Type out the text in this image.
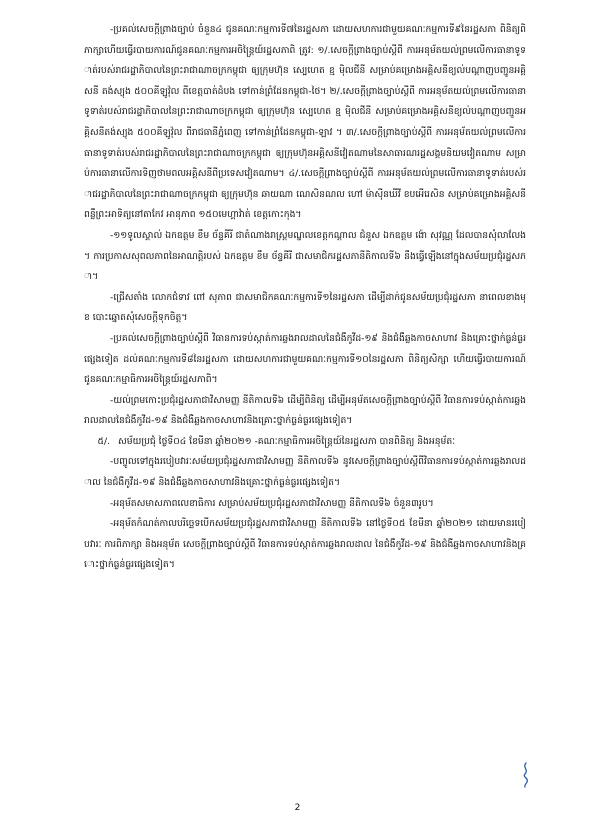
-ប្រគល់សេចក្តីព្រាងច្បាប់ ចំនួន៤ ជូនគណៈកម្មការទី៧នៃរដ្ឋសភា ដោយសហការជាមួយគណៈកម្មការទី៩នៃរដ្ឋសភា ពិនិត្យពិភាក្សាហើយធ្វើរបាយការណ៍ជូនគណៈកម្មការអចិន្ត្រៃយ៍រដ្ឋសភាពិ ត្រូវ: ១/.សេចក្តីព្រាងច្បាប់ស្តីពី ការអនុម័តយល់ព្រមលើការធានាទូទាត់របស់រាជរដ្ឋាភិបាលនៃព្រះរាជាណាចក្រកម្ពុជា ឲ្យក្រុមហ៊ុន ស្បេហេត ខ្ម ម៉ិលជីនី សម្រាប់គម្រោងអគ្គិសនីខ្យល់បណ្តាញបញ្ជូនអគ្គិសនី តង់ស្យុង ៥០០គីឡូវ៉ុល ពីខេត្តបាត់ដំបង ទៅកាន់ព្រំដែនកម្ពុជា-ថៃ។ ២/.សេចក្តីព្រាងច្បាប់ស្តីពី ការអនុម័តយល់ព្រមលើការធានាទូទាត់របស់រាជរដ្ឋាភិបាលនៃព្រះរាជាណាចក្រកម្ពុជា ឲ្យក្រុមហ៊ុន ស្បេហេត ខ្ម ម៉ិលជីនី សម្រាប់គម្រោងអគ្គិសនីខ្យល់បណ្តាញបញ្ជូនអគ្គិសនីតង់ស្យុង ៥០០គីឡូវ៉ុល ពីរាជធានីភ្នំពេញ ទៅកាន់ព្រំដែនកម្ពុជា-ឡាវ ។ ៣/.សេចក្តីព្រាងច្បាប់ស្តីពី ការអនុម័តយល់ព្រមលើការធានាទូទាត់របស់រាជរដ្ឋាភិបាលនៃព្រះរាជាណាចក្រកម្ពុជា ឲ្យក្រុមហ៊ុនអគ្គិសនីវៀតណាមនៃសាធារណរដ្ឋសង្គមនិយមវៀតណាម សម្រាប់ការធានាលើការទិញថាមពលអគ្គិសនីពីប្រទេសវៀតណាម។ ៤/.សេចក្តីព្រាងច្បាប់ស្តីពី ការអនុម័តយល់ព្រមលើការធានាទូទាត់របស់រាជរដ្ឋាភិបាលនៃព្រះរាជាណាចក្រកម្ពុជា ឲ្យក្រុមហ៊ុន ឆាយណា ណេសិនណល ហៅ ម៉ាស៊ីនឃីវី ខបអើរេសិន សម្រាប់គម្រោងអគ្គិសនីពន្លឺព្រះអាទិត្យនៅតាកែវ អានុភាព ១៥០មេហ្គាវ៉ាត់ ខេត្តកោះកុង។

-១១ទូលស្គាល់ ឯកឧត្តម ខឹម ច័ន្ទគីរី ជាតំណាងរាស្ត្រមណ្ឌលខេត្តកណ្តាល ជំនួស ឯកឧត្តម ង៉ោ សុវណ្ណ ដែលបានសុំលាលែង។ ការប្រកាសសុពលភាពនៃអាណត្តិរបស់ ឯកឧត្តម ខឹម ច័ន្ទគីរី ជាសមាជិករដ្ឋសភានីតិកាលទី៦ នឹងធ្វើឡើងនៅក្នុងសម័យប្រជុំរដ្ឋសភា។

-ជ្រើសតាំង លោកជំទាវ ពៅ សុភាព ជាសមាជិកគណៈកម្មការទី១នៃរដ្ឋសភា ដើម្បីដាក់ជូនសម័យប្រជុំរដ្ឋសភា នាពេលខាងមុខ បោះឆ្នោតសុំសេចក្តីទុកចិត្ត។

-ប្រគល់សេចក្តីព្រាងច្បាប់ស្តីពី វិធានការទប់ស្កាត់ការឆ្លងរាលដាលនៃជំងឺកូវីដ-១៩ និងជំងឺឆ្លងកាចសាហាវ និងគ្រោះថ្នាក់ធ្ងន់ធ្ងរផ្សេងទៀត ដល់គណៈកម្មការទី៨នៃរដ្ឋសភា ដោយសហការជាមួយគណៈកម្មការទី១០នៃរដ្ឋសភា ពិនិត្យសិក្សា ហើយធ្វើរបាយការណ៍ ជូនគណៈកម្មាធិការអចិន្ត្រៃយ៍រដ្ឋសភាពិ។

-យល់ព្រមកោះប្រជុំរដ្ឋសភាជាវិសាមញ្ញ នីតិកាលទី៦ ដើម្បីពិនិត្យ ដើម្បីអនុម័តសេចក្តីព្រាងច្បាប់ស្តីពី វិធានការទប់ស្កាត់ការឆ្លងរាលដាលនៃជំងឺកូវីដ-១៩ និងជំងឺឆ្លងកាចសាហាវនិងគ្រោះថ្នាក់ធ្ងន់ធ្ងរផ្សេងទៀត។

៥/. សម័យប្រជុំ ថ្ងៃទី០៤ ខែមីនា ឆ្នាំ២០២១ -គណៈកម្មាធិការអចិន្ត្រៃយ៍នៃរដ្ឋសភា បានពិនិត្យ និងអនុម័តៈ

-បញ្ចូលទៅក្នុងរបៀបវារៈសម័យប្រជុំរដ្ឋសភាជាវិសាមញ្ញ នីតិកាលទី៦ នូវសេចក្តីព្រាងច្បាប់ស្តីពីវិធានការទប់ស្កាត់ការឆ្លងរាលដាល នៃជំងឺកូវីដ-១៩ និងជំងឺឆ្លងកាចសាហាវនិងគ្រោះថ្នាក់ធ្ងន់ធ្ងរផ្សេងទៀត។

-អនុម័តសមាសភាពលេខាធិការ សម្រាប់សម័យប្រជុំរដ្ឋសភាជាវិសាមញ្ញ នីតិកាលទី៦ ចំនួន៣រូប។

-អនុម័តកំណត់កាលបរិច្ឆេទបើកសម័យប្រជុំរដ្ឋសភាជាវិសាមញ្ញ នីតិកាលទី៦ នៅថ្ងៃទី០៥ ខែមីនា ឆ្នាំ២០២១ ដោយមានរបៀបវារៈ ការពិភាក្សា និងអនុម័ត សេចក្តីព្រាងច្បាប់ស្តីពី វិធានការទប់ស្កាត់ការឆ្លងរាលដាល នៃជំងឺកូវីដ-១៩ និងជំងឺឆ្លងកាចសាហាវនិងគ្រោះថ្នាក់ធ្ងន់ធ្ងរផ្សេងទៀត។

2
